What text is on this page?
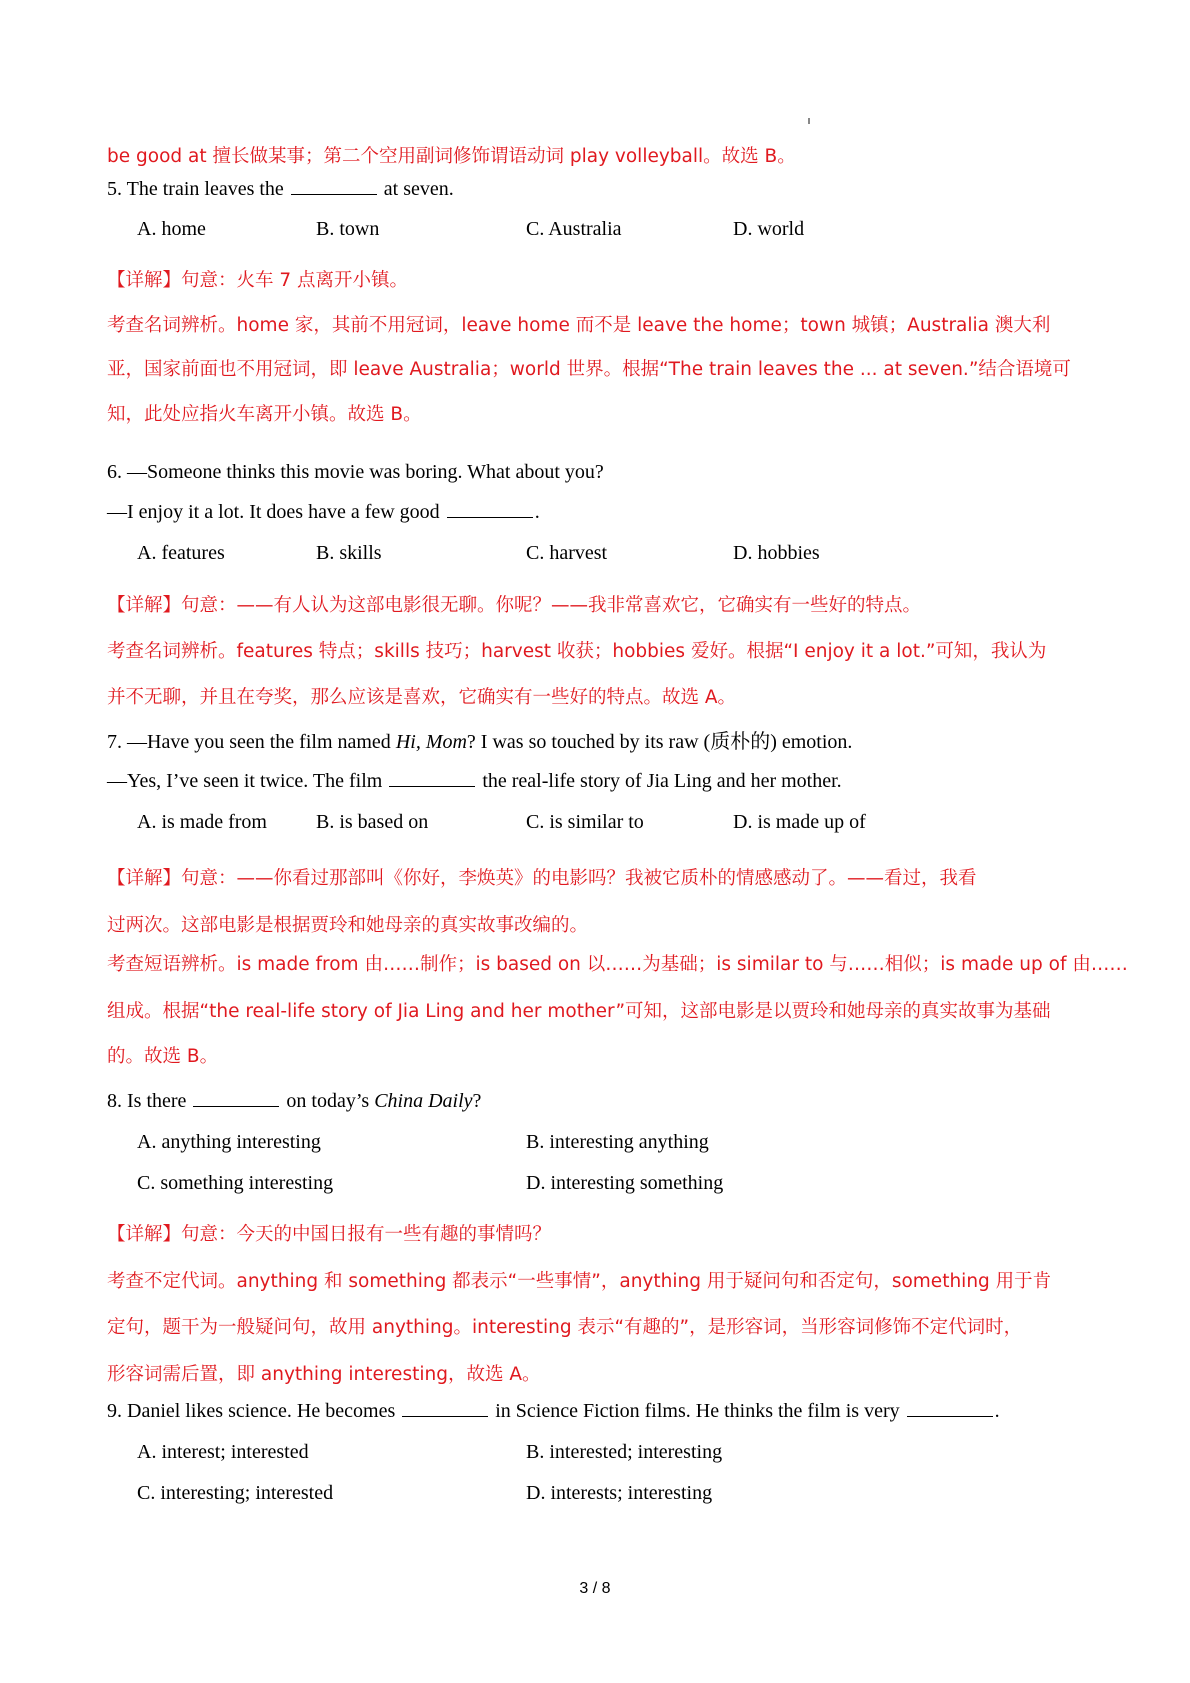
be good at 擅长做某事；第二个空用副词修饰谓语动词 play volleyball。故选 B。
5. The train leaves the	at seven.
A. home	B. town	C. Australia	D. world
【详解】句意：火车 7 点离开小镇。
考查名词辨析。home 家，其前不用冠词，leave home 而不是 leave the home；town 城镇；Australia 澳大利
亚，国家前面也不用冠词，即 leave Australia；world 世界。根据“The train leaves the ... at seven.”结合语境可
知，此处应指火车离开小镇。故选 B。
6. —Someone thinks this movie was boring. What about you?
—I enjoy it a lot. It does have a few good	.
A. features	B. skills	C. harvest	D. hobbies
【详解】句意：——有人认为这部电影很无聊。你呢？——我非常喜欢它，它确实有一些好的特点。
考查名词辨析。features 特点；skills 技巧；harvest 收获；hobbies 爱好。根据“I enjoy it a lot.”可知，我认为
并不无聊，并且在夸奖，那么应该是喜欢，它确实有一些好的特点。故选 A。
7. —Have you seen the film named Hi, Mom? I was so touched by its raw (质朴的) emotion.
—Yes, I’ve seen it twice. The film	the real-life story of Jia Ling and her mother.
A. is made from B. is based on	C. is similar to	D. is made up of
【详解】句意：——你看过那部叫《你好，李焕英》的电影吗？我被它质朴的情感感动了。——看过，我看
过两次。这部电影是根据贾玲和她母亲的真实故事改编的。
考查短语辨析。is made from 由……制作；is based on 以……为基础；is similar to 与……相似；is made up of 由……
组成。根据“the real-life story of Jia Ling and her mother”可知，这部电影是以贾玲和她母亲的真实故事为基础
的。故选 B。
8. Is there	on today’s China Daily?
A. anything interesting	B. interesting anything
C. something interesting	D. interesting something
【详解】句意：今天的中国日报有一些有趣的事情吗？
考查不定代词。anything 和 something 都表示“一些事情”，anything 用于疑问句和否定句，something 用于肯
定句，题干为一般疑问句，故用 anything。interesting 表示“有趣的”，是形容词，当形容词修饰不定代词时，
形容词需后置，即 anything interesting，故选 A。
9. Daniel likes science. He becomes	in Science Fiction films. He thinks the film is very	.
A. interest; interested	B. interested; interesting
C. interesting; interested	D. interests; interesting
3 / 8
